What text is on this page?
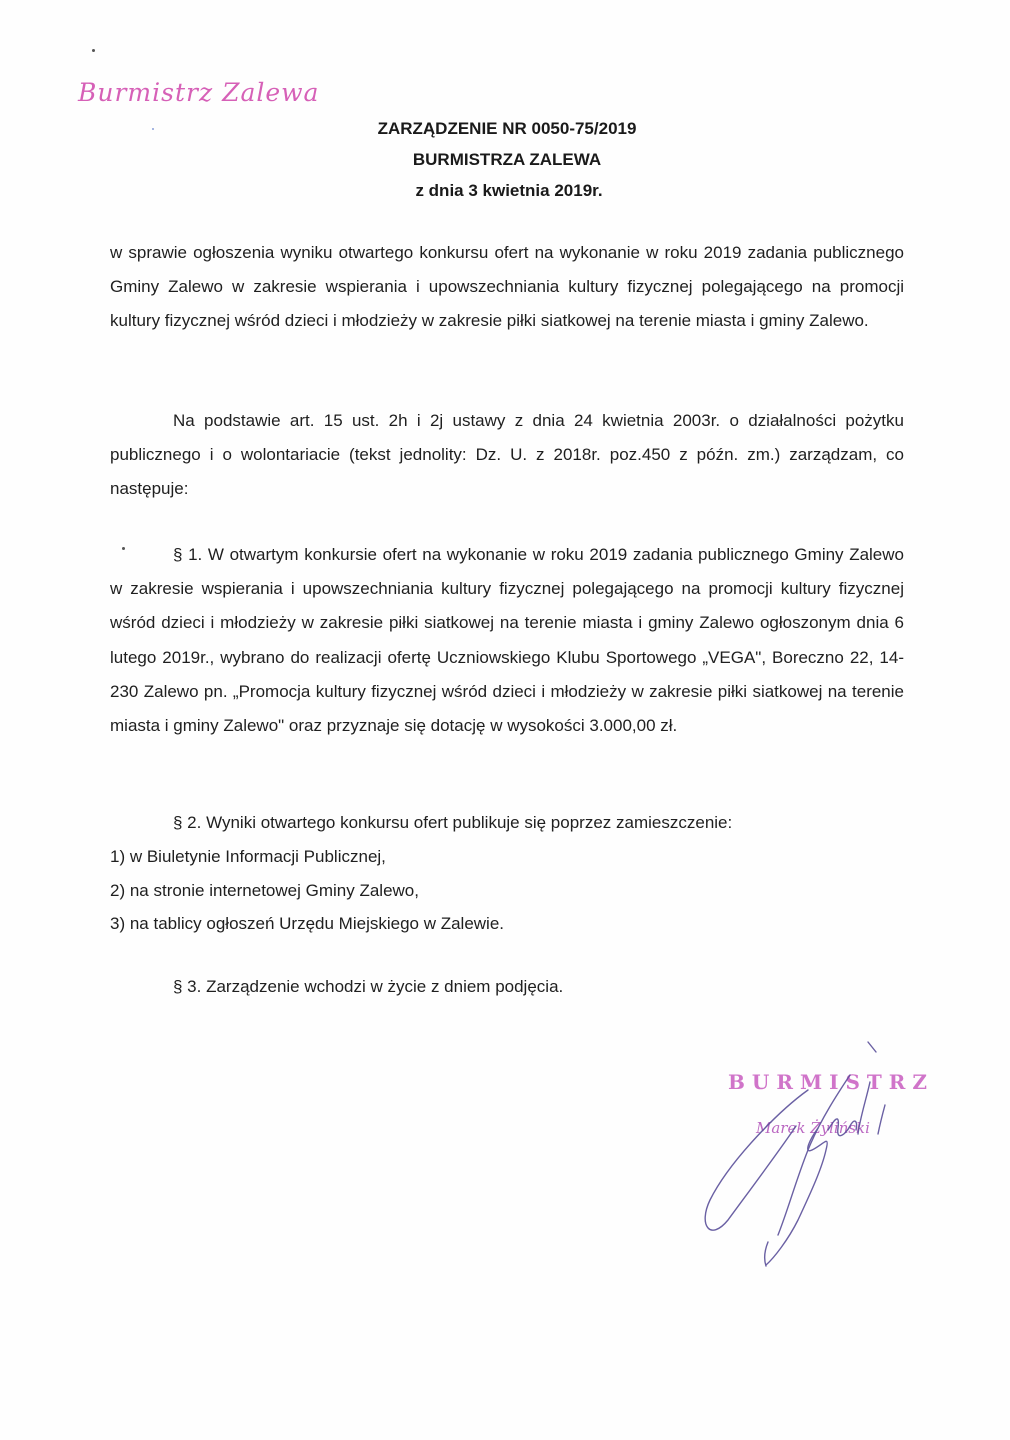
Burmistrz Zalewa
ZARZĄDZENIE NR 0050-75/2019
BURMISTRZA ZALEWA
z dnia 3 kwietnia 2019r.

w sprawie ogłoszenia wyniku otwartego konkursu ofert na wykonanie w roku 2019 zadania publicznego Gminy Zalewo w zakresie wspierania i upowszechniania kultury fizycznej polegającego na promocji kultury fizycznej wśród dzieci i młodzieży w zakresie piłki siatkowej na terenie miasta i gminy Zalewo.

Na podstawie art. 15 ust. 2h i 2j ustawy z dnia 24 kwietnia 2003r. o działalności pożytku publicznego i o wolontariacie (tekst jednolity: Dz. U. z 2018r. poz.450 z późn. zm.) zarządzam, co następuje:

§ 1. W otwartym konkursie ofert na wykonanie w roku 2019 zadania publicznego Gminy Zalewo w zakresie wspierania i upowszechniania kultury fizycznej polegającego na promocji kultury fizycznej wśród dzieci i młodzieży w zakresie piłki siatkowej na terenie miasta i gminy Zalewo ogłoszonym dnia 6 lutego 2019r., wybrano do realizacji ofertę Uczniowskiego Klubu Sportowego „VEGA", Boreczno 22, 14-230 Zalewo pn. „Promocja kultury fizycznej wśród dzieci i młodzieży w zakresie piłki siatkowej na terenie miasta i gminy Zalewo" oraz przyznaje się dotację w wysokości 3.000,00 zł.

§ 2. Wyniki otwartego konkursu ofert publikuje się poprzez zamieszczenie:

1) w Biuletynie Informacji Publicznej,
2) na stronie internetowej Gminy Zalewo,
3) na tablicy ogłoszeń Urzędu Miejskiego w Zalewie.

§ 3. Zarządzenie wchodzi w życie z dniem podjęcia.

BURMISTRZ
Marek Żyliński
